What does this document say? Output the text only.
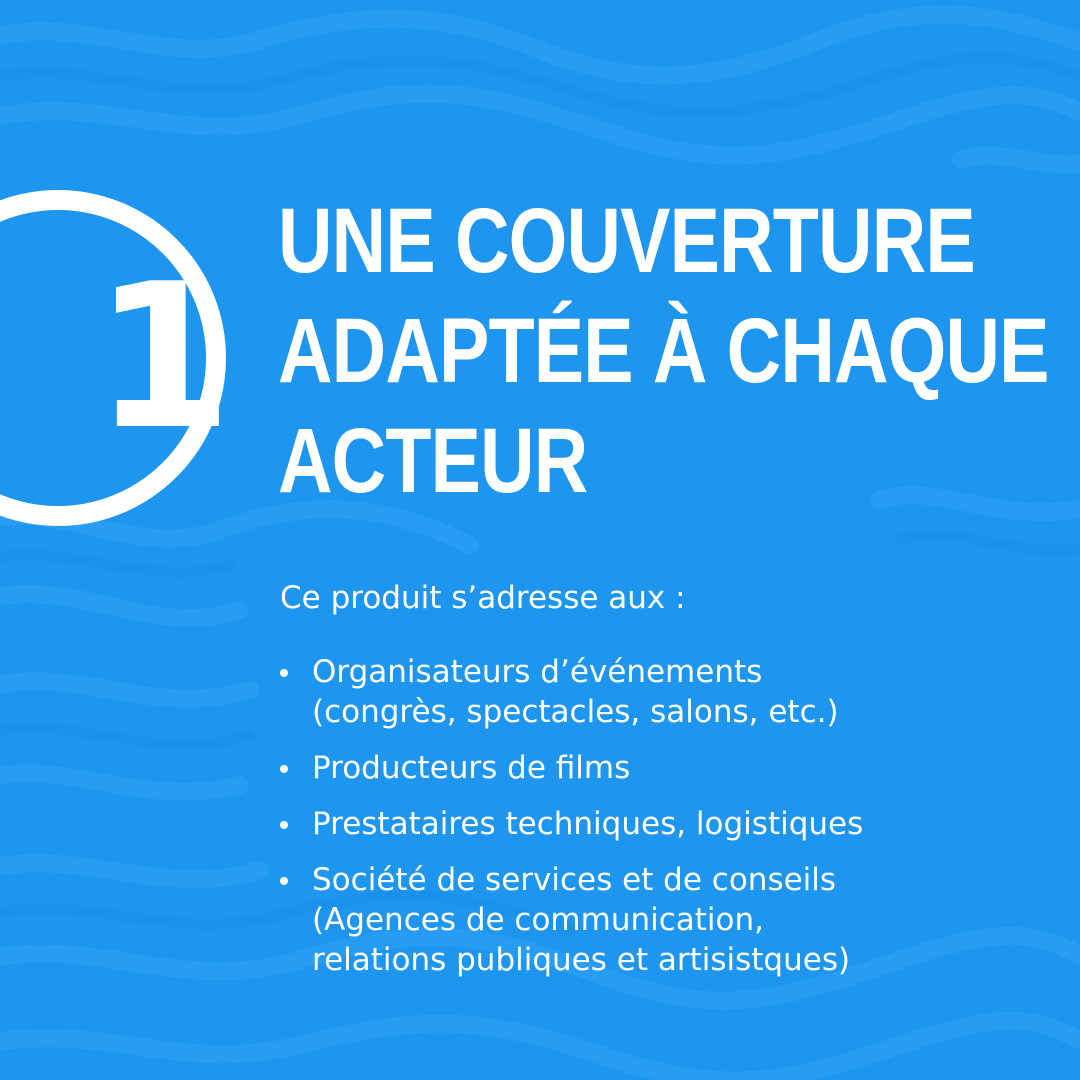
1 UNE COUVERTURE
ADAPTÉE À CHAQUE
ACTEUR

Ce produit s’adresse aux :

Organisateurs d’événements
(congrès, spectacles, salons, etc.)
Producteurs de films
Prestataires techniques, logistiques
Société de services et de conseils
(Agences de communication,
relations publiques et artisistques)
